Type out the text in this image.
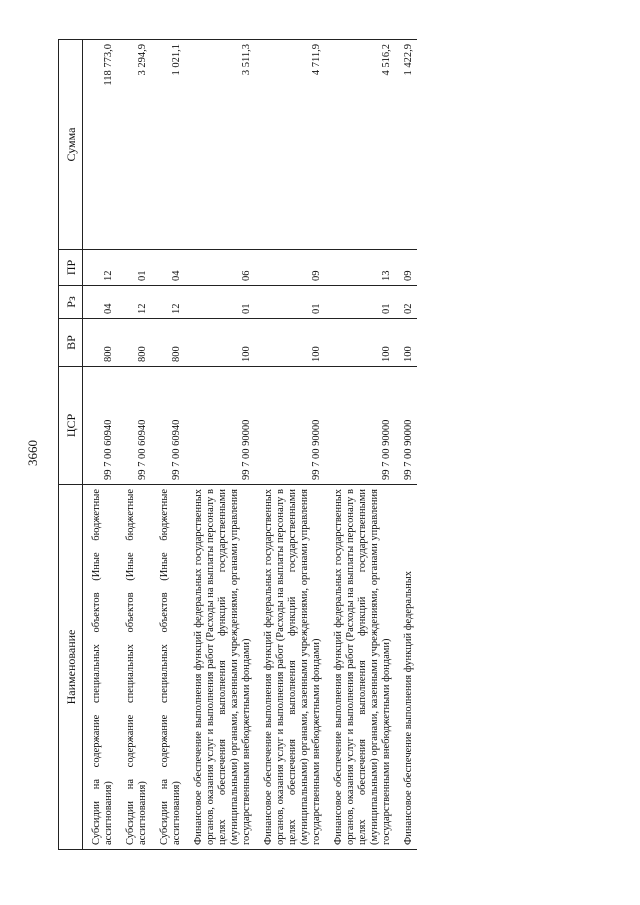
3660
Наименование	ЦСР	ВР	Рз	ПР	Сумма
Субсидии на содержание специальных объектов (Иные бюджетные ассигнования)	99 7 00 60940	800	04	12	118 773,0
Субсидии на содержание специальных объектов (Иные бюджетные ассигнования)	99 7 00 60940	800	12	01	3 294,9
Субсидии на содержание специальных объектов (Иные бюджетные ассигнования)	99 7 00 60940	800	12	04	1 021,1
Финансовое обеспечение выполнения функций федеральных государственных органов, оказания услуг и выполнения работ (Расходы на выплаты персоналу в целях обеспечения выполнения функций государственными (муниципальными) органами, казенными учреждениями, органами управления государственными внебюджетными фондами)	99 7 00 90000	100	01	06	3 511,3
Финансовое обеспечение выполнения функций федеральных государственных органов, оказания услуг и выполнения работ (Расходы на выплаты персоналу в целях обеспечения выполнения функций государственными (муниципальными) органами, казенными учреждениями, органами управления государственными внебюджетными фондами)	99 7 00 90000	100	01	09	4 711,9
Финансовое обеспечение выполнения функций федеральных государственных органов, оказания услуг и выполнения работ (Расходы на выплаты персоналу в целях обеспечения выполнения функций государственными (муниципальными) органами, казенными учреждениями, органами управления государственными внебюджетными фондами)	99 7 00 90000	100	01	13	4 516,2
Финансовое обеспечение выполнения функций федеральных	99 7 00 90000	100	02	09	1 422,9
